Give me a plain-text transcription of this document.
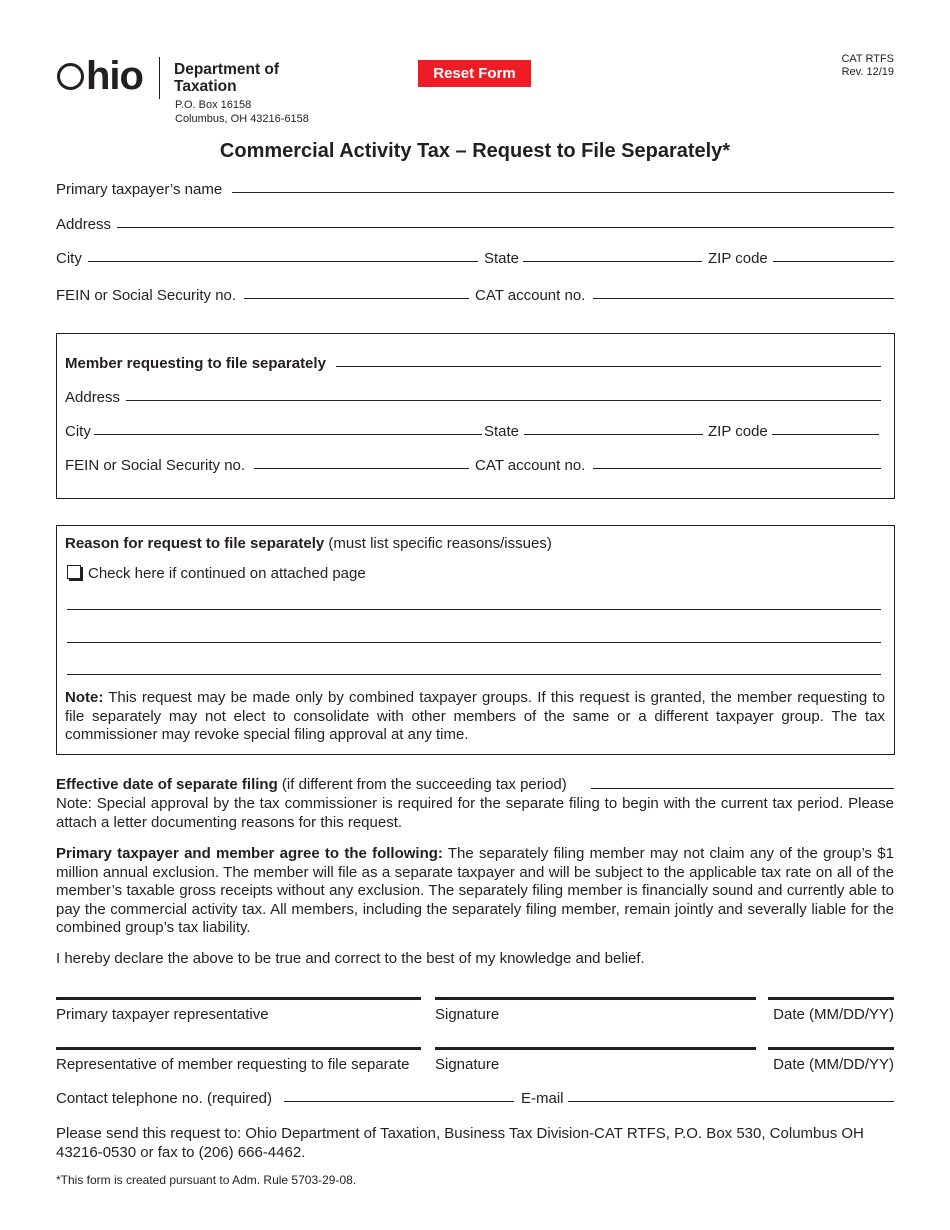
hio Department of
Taxation
P.O. Box 16158
Columbus, OH 43216-6158
Reset Form
CAT RTFS
Rev. 12/19
Commercial Activity Tax – Request to File Separately*
Primary taxpayer’s name
Address
City	State	ZIP code
FEIN or Social Security no.	CAT account no.
Member requesting to file separately
Address
City	State	ZIP code
FEIN or Social Security no.	CAT account no.
Reason for request to file separately (must list specific reasons/issues)
Check here if continued on attached page
Note: This request may be made only by combined taxpayer groups. If this request is granted, the member requesting to file separately may not elect to consolidate with other members of the same or a different taxpayer group. The tax commissioner may revoke special filing approval at any time.
Effective date of separate filing (if different from the succeeding tax period)
Note: Special approval by the tax commissioner is required for the separate filing to begin with the current tax period. Please attach a letter documenting reasons for this request.
Primary taxpayer and member agree to the following: The separately filing member may not claim any of the group’s $1 million annual exclusion. The member will file as a separate taxpayer and will be subject to the applicable tax rate on all of the member’s taxable gross receipts without any exclusion. The separately filing member is financially sound and currently able to pay the commercial activity tax. All members, including the separately filing member, remain jointly and severally liable for the combined group’s tax liability.
I hereby declare the above to be true and correct to the best of my knowledge and belief.
Primary taxpayer representative	Signature	Date (MM/DD/YY)
Representative of member requesting to file separate Signature	Date (MM/DD/YY)
Contact telephone no. (required)	E-mail
Please send this request to: Ohio Department of Taxation, Business Tax Division-CAT RTFS, P.O. Box 530, Columbus OH 43216-0530 or fax to (206) 666-4462.
*This form is created pursuant to Adm. Rule 5703-29-08.
